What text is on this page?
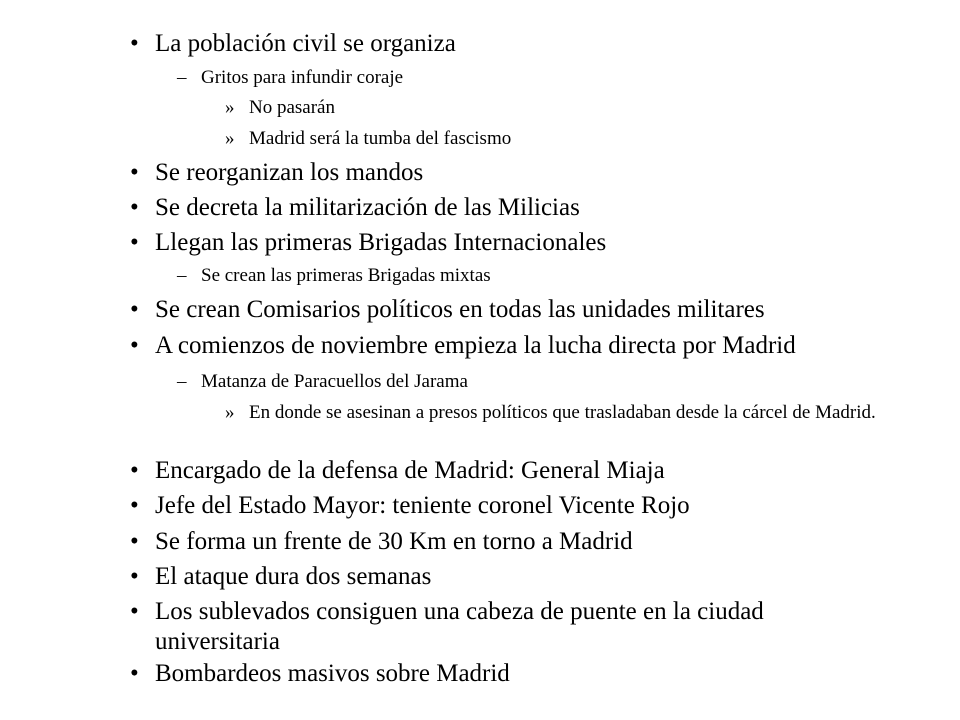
• La población civil se organiza
– Gritos para infundir coraje
» No pasarán
» Madrid será la tumba del fascismo
• Se reorganizan los mandos
• Se decreta la militarización de las Milicias
• Llegan las primeras Brigadas Internacionales
– Se crean las primeras Brigadas mixtas
• Se crean Comisarios políticos en todas las unidades militares
• A comienzos de noviembre empieza la lucha directa por Madrid
– Matanza de Paracuellos del Jarama
» En donde se asesinan a presos políticos que trasladaban desde la cárcel de Madrid.
• Encargado de la defensa de Madrid: General Miaja
• Jefe del Estado Mayor: teniente coronel Vicente Rojo
• Se forma un frente de 30 Km en torno a Madrid
• El ataque dura dos semanas
• Los sublevados consiguen una cabeza de puente en la ciudad universitaria
• Bombardeos masivos sobre Madrid
